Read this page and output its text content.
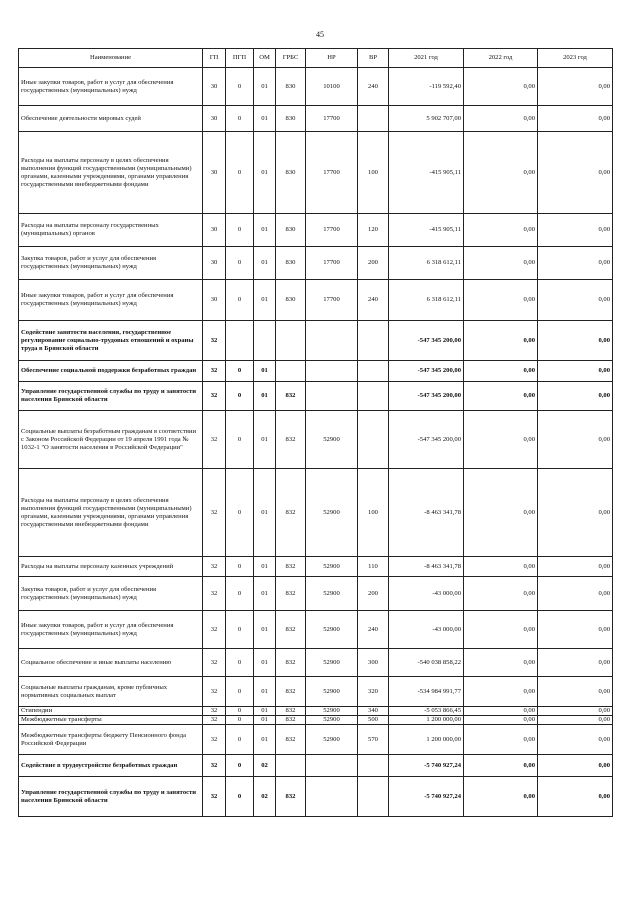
45
Наименование	ГП	ПГП	ОМ	ГРБС	НР	ВР	2021 год	2022 год	2023 год
Иные закупки товаров, работ и услуг для обеспечения государственных (муниципальных) нужд	30	0	01	830	10100	240	-119 592,40	0,00	0,00
Обеспечение деятельности мировых судей	30	0	01	830	17700		5 902 707,00	0,00	0,00
Расходы на выплаты персоналу в целях обеспечения выполнения функций государственными (муниципальными) органами, казенными учреждениями, органами управления государственными внебюджетными фондами	30	0	01	830	17700	100	-415 905,11	0,00	0,00
Расходы на выплаты персоналу государственных (муниципальных) органов	30	0	01	830	17700	120	-415 905,11	0,00	0,00
Закупка товаров, работ и услуг для обеспечения государственных (муниципальных) нужд	30	0	01	830	17700	200	6 318 612,11	0,00	0,00
Иные закупки товаров, работ и услуг для обеспечения государственных (муниципальных) нужд	30	0	01	830	17700	240	6 318 612,11	0,00	0,00
Содействие занятости населения, государственное регулирование социально-трудовых отношений и охраны труда в Брянской области	32						-547 345 200,00	0,00	0,00
Обеспечение социальной поддержки безработных граждан	32	0	01				-547 345 200,00	0,00	0,00
Управление государственной службы по труду и занятости населения Брянской области	32	0	01	832			-547 345 200,00	0,00	0,00
Социальные выплаты безработным гражданам в соответствии с Законом Российской Федерации от 19 апреля 1991 года № 1032-1 "О занятости населения в Российской Федерации"	32	0	01	832	52900		-547 345 200,00	0,00	0,00
Расходы на выплаты персоналу в целях обеспечения выполнения функций государственными (муниципальными) органами, казенными учреждениями, органами управления государственными внебюджетными фондами	32	0	01	832	52900	100	-8 463 341,78	0,00	0,00
Расходы на выплаты персоналу казенных учреждений	32	0	01	832	52900	110	-8 463 341,78	0,00	0,00
Закупка товаров, работ и услуг для обеспечения государственных (муниципальных) нужд	32	0	01	832	52900	200	-43 000,00	0,00	0,00
Иные закупки товаров, работ и услуг для обеспечения государственных (муниципальных) нужд	32	0	01	832	52900	240	-43 000,00	0,00	0,00
Социальное обеспечение и иные выплаты населению	32	0	01	832	52900	300	-540 038 858,22	0,00	0,00
Социальные выплаты гражданам, кроме публичных нормативных социальных выплат	32	0	01	832	52900	320	-534 984 991,77	0,00	0,00
Стипендии	32	0	01	832	52900	340	-5 053 866,45	0,00	0,00
Межбюджетные трансферты	32	0	01	832	52900	500	1 200 000,00	0,00	0,00
Межбюджетные трансферты бюджету Пенсионного фонда Российской Федерации	32	0	01	832	52900	570	1 200 000,00	0,00	0,00
Содействие в трудоустройстве безработных граждан	32	0	02				-5 740 927,24	0,00	0,00
Управление государственной службы по труду и занятости населения Брянской области	32	0	02	832			-5 740 927,24	0,00	0,00
